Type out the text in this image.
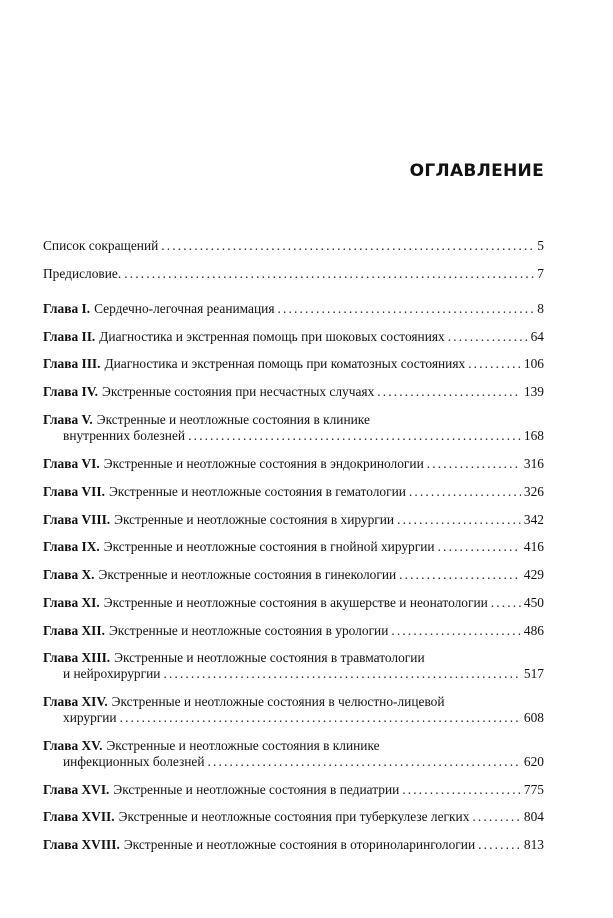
ОГЛАВЛЕНИЕ
Список сокращений . . .	5
Предисловие. . . .	7
Глава I. Сердечно-легочная реанимация . . .	8
Глава II. Диагностика и экстренная помощь при шоковых состояниях . . .	64
Глава III. Диагностика и экстренная помощь при коматозных состояниях . . .	106
Глава IV. Экстренные состояния при несчастных случаях . . .	139
Глава V. Экстренные и неотложные состояния в клинике
внутренних болезней . . .	168
Глава VI. Экстренные и неотложные состояния в эндокринологии . . .	316
Глава VII. Экстренные и неотложные состояния в гематологии . . .	326
Глава VIII. Экстренные и неотложные состояния в хирургии . . .	342
Глава IX. Экстренные и неотложные состояния в гнойной хирургии . . .	416
Глава X. Экстренные и неотложные состояния в гинекологии . . .	429
Глава XI. Экстренные и неотложные состояния в акушерстве и неонатологии . . .	450
Глава XII. Экстренные и неотложные состояния в урологии . . .	486
Глава XIII. Экстренные и неотложные состояния в травматологии
и нейрохирургии . . .	517
Глава XIV. Экстренные и неотложные состояния в челюстно-лицевой
хирургии . . .	608
Глава XV. Экстренные и неотложные состояния в клинике
инфекционных болезней . . .	620
Глава XVI. Экстренные и неотложные состояния в педиатрии . . .	775
Глава XVII. Экстренные и неотложные состояния при туберкулезе легких . . .	804
Глава XVIII. Экстренные и неотложные состояния в оториноларингологии . . .	813
